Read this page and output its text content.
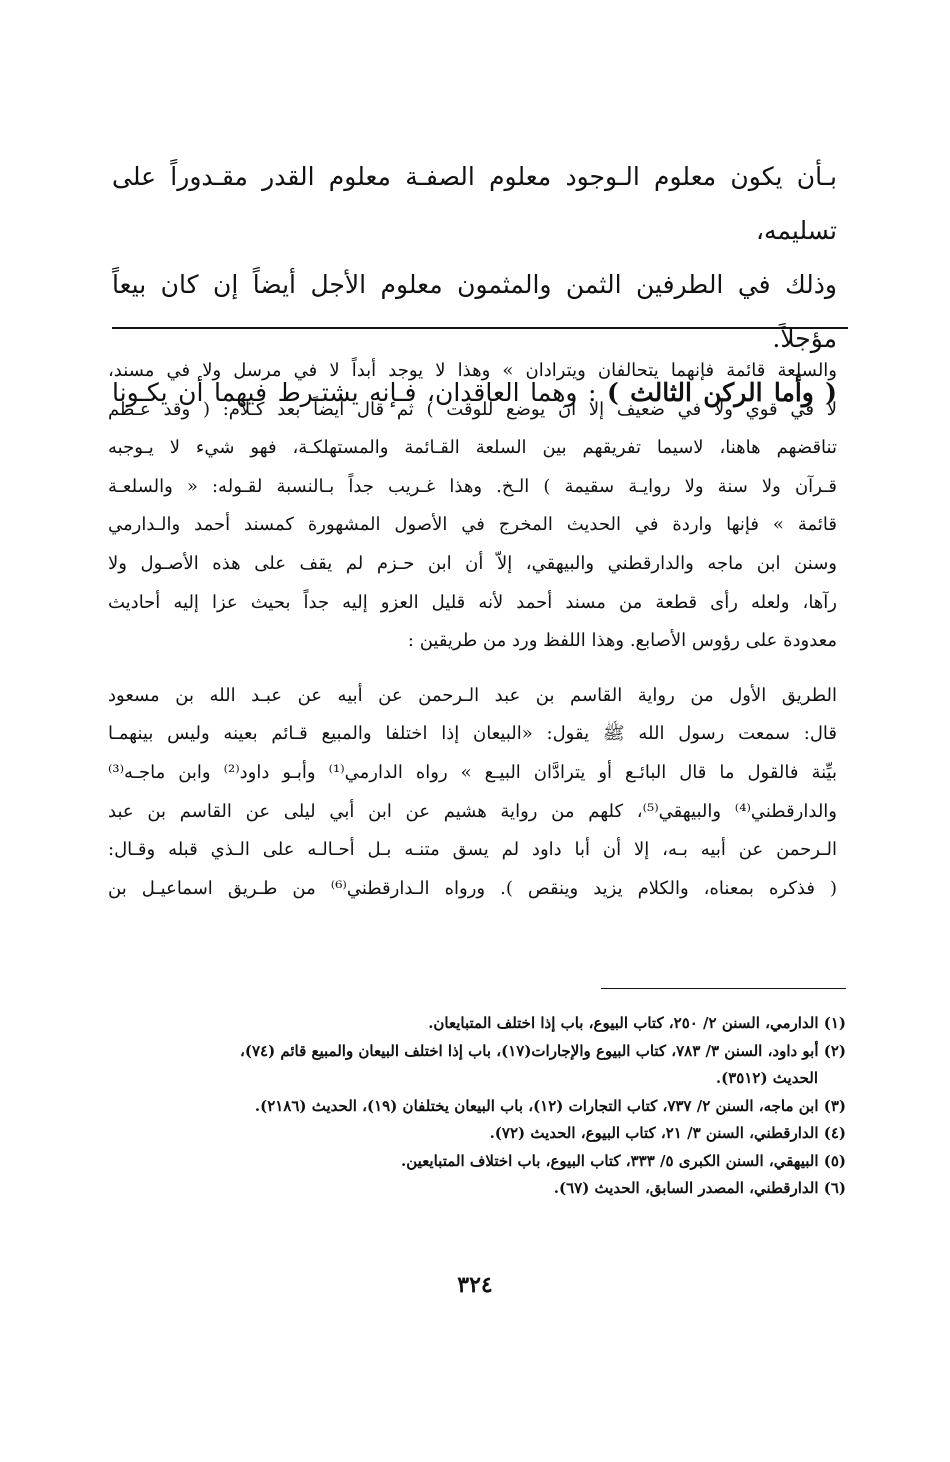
بـأن يكون معلوم الـوجود معلوم الصفـة معلوم القدر مقـدوراً على تسليمه،

وذلك في الطرفين الثمن والمثمون معلوم الأجل أيضاً إن كان بيعاً مؤجلاً.

( وأما الركن الثالث ) : وهما العاقدان، فـإنه يشتـرط فيهما أن يكـونا

والسلعة قائمة فإنهما يتحالفان ويترادان » وهذا لا يوجد أبداً لا في مرسل ولا في مسند،

لا في قوي ولا في ضعيف إلا أن يوضع للوقت ) ثم قال أيضاً بعد كـلام: ( وقد عـظم

تناقضهم هاهنا، لاسيما تفريقهم بين السلعة القـائمة والمستهلكـة، فهو شيء لا يـوجبه

قـرآن ولا سنة ولا روايـة سقيمة ) الـخ. وهذا غـريب جداً بـالنسبة لقـوله: « والسلعـة

قائمة » فإنها واردة في الحديث المخرج في الأصول المشهورة كمسند أحمد والـدارمي

وسنن ابن ماجه والدارقطني والبيهقي، إلاّ أن ابن حـزم لم يقف على هذه الأصـول ولا

رآها، ولعله رأى قطعة من مسند أحمد لأنه قليل العزو إليه جداً بحيث عزا إليه أحاديث

معدودة على رؤوس الأصابع. وهذا اللفظ ورد من طريقين :

الطريق الأول من رواية القاسم بن عبد الـرحمن عن أبيه عن عبـد الله بن مسعود

قال: سمعت رسول الله ﷺ يقول: «البيعان إذا اختلفا والمبيع قـائم بعينه وليس بينهمـا

بيِّنة فالقول ما قال البائـع أو يترادَّان البيـع » رواه الدارمي⁽¹⁾ وأبـو داود⁽²⁾ وابن ماجـه⁽³⁾

والدارقطني⁽⁴⁾ والبيهقي⁽⁵⁾، كلهم من رواية هشيم عن ابن أبي ليلى عن القاسم بن عبد

الـرحمن عن أبيه بـه، إلا أن أبا داود لم يسق متنـه بـل أحـالـه على الـذي قبله وقـال:

( فذكره بمعناه، والكلام يزيد وينقص ). ورواه الـدارقطني⁽⁶⁾ من طـريق اسماعيـل بن

(١) الدارمي، السنن ٢/ ٢٥٠، كتاب البيوع، باب إذا اختلف المتبايعان.

(٢) أبو داود، السنن ٣/ ٧٨٣، كتاب البيوع والإجارات(١٧)، باب إذا اختلف البيعان والمبيع قائم (٧٤)،

الحديث (٣٥١٢).

(٣) ابن ماجه، السنن ٢/ ٧٣٧، كتاب التجارات (١٢)، باب البيعان يختلفان (١٩)، الحديث (٢١٨٦).

(٤) الدارقطني، السنن ٣/ ٢١، كتاب البيوع، الحديث (٧٢).

(٥) البيهقي، السنن الكبرى ٥/ ٣٣٣، كتاب البيوع، باب اختلاف المتبايعين.

(٦) الدارقطني، المصدر السابق، الحديث (٦٧).

٣٢٤
